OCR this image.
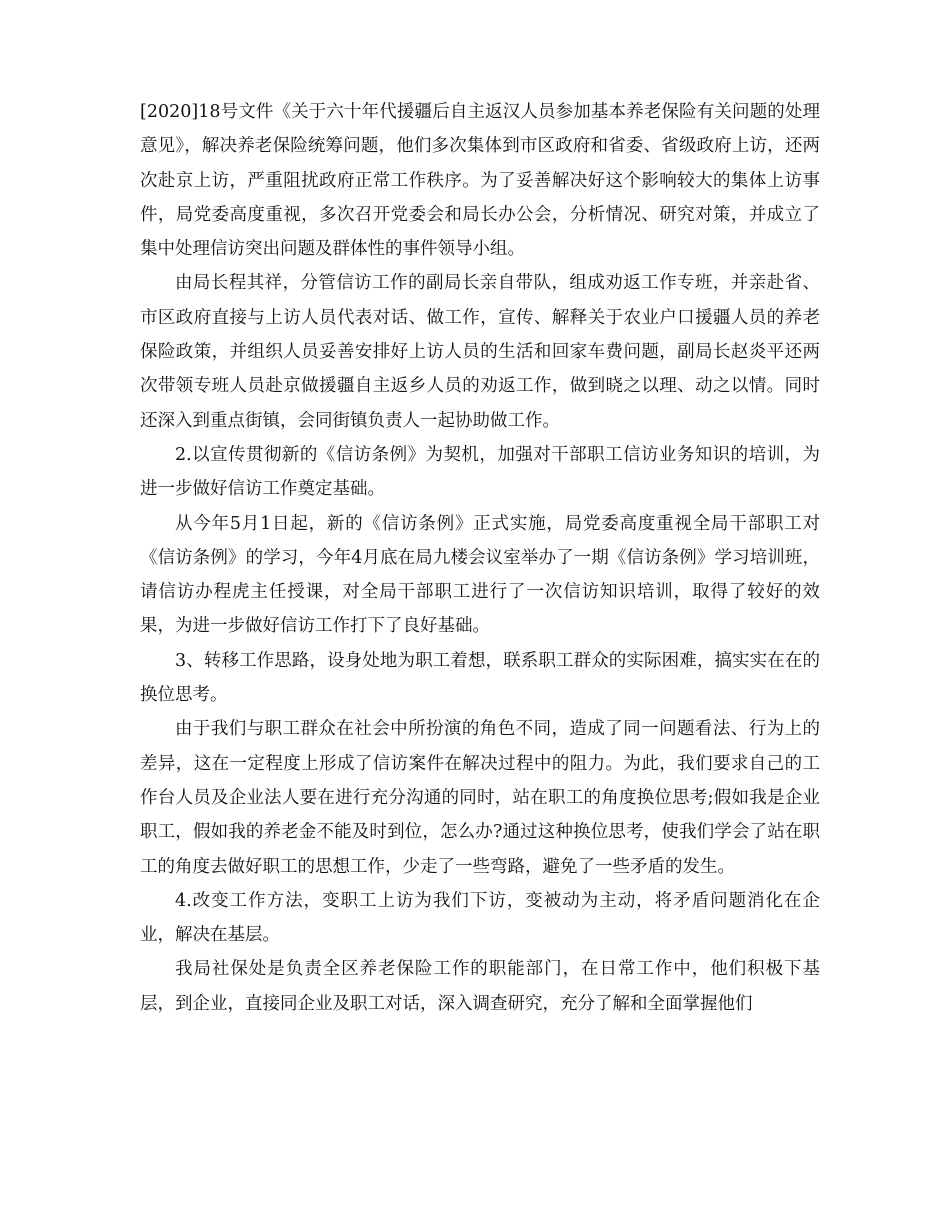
[2020]18号文件《关于六十年代援疆后自主返汉人员参加基本养老保险有关问题的处理意见》，解决养老保险统筹问题，他们多次集体到市区政府和省委、省级政府上访，还两次赴京上访，严重阻扰政府正常工作秩序。为了妥善解决好这个影响较大的集体上访事件，局党委高度重视，多次召开党委会和局长办公会，分析情况、研究对策，并成立了集中处理信访突出问题及群体性的事件领导小组。

由局长程其祥，分管信访工作的副局长亲自带队，组成劝返工作专班，并亲赴省、市区政府直接与上访人员代表对话、做工作，宣传、解释关于农业户口援疆人员的养老保险政策，并组织人员妥善安排好上访人员的生活和回家车费问题，副局长赵炎平还两次带领专班人员赴京做援疆自主返乡人员的劝返工作，做到晓之以理、动之以情。同时还深入到重点街镇，会同街镇负责人一起协助做工作。

2.以宣传贯彻新的《信访条例》为契机，加强对干部职工信访业务知识的培训，为进一步做好信访工作奠定基础。

从今年5月1日起，新的《信访条例》正式实施，局党委高度重视全局干部职工对《信访条例》的学习，今年4月底在局九楼会议室举办了一期《信访条例》学习培训班，请信访办程虎主任授课，对全局干部职工进行了一次信访知识培训，取得了较好的效果，为进一步做好信访工作打下了良好基础。

3、转移工作思路，设身处地为职工着想，联系职工群众的实际困难，搞实实在在的换位思考。

由于我们与职工群众在社会中所扮演的角色不同，造成了同一问题看法、行为上的差异，这在一定程度上形成了信访案件在解决过程中的阻力。为此，我们要求自己的工作台人员及企业法人要在进行充分沟通的同时，站在职工的角度换位思考;假如我是企业职工，假如我的养老金不能及时到位，怎么办?通过这种换位思考，使我们学会了站在职工的角度去做好职工的思想工作，少走了一些弯路，避免了一些矛盾的发生。

4.改变工作方法，变职工上访为我们下访，变被动为主动，将矛盾问题消化在企业，解决在基层。

我局社保处是负责全区养老保险工作的职能部门，在日常工作中，他们积极下基层，到企业，直接同企业及职工对话，深入调查研究，充分了解和全面掌握他们
